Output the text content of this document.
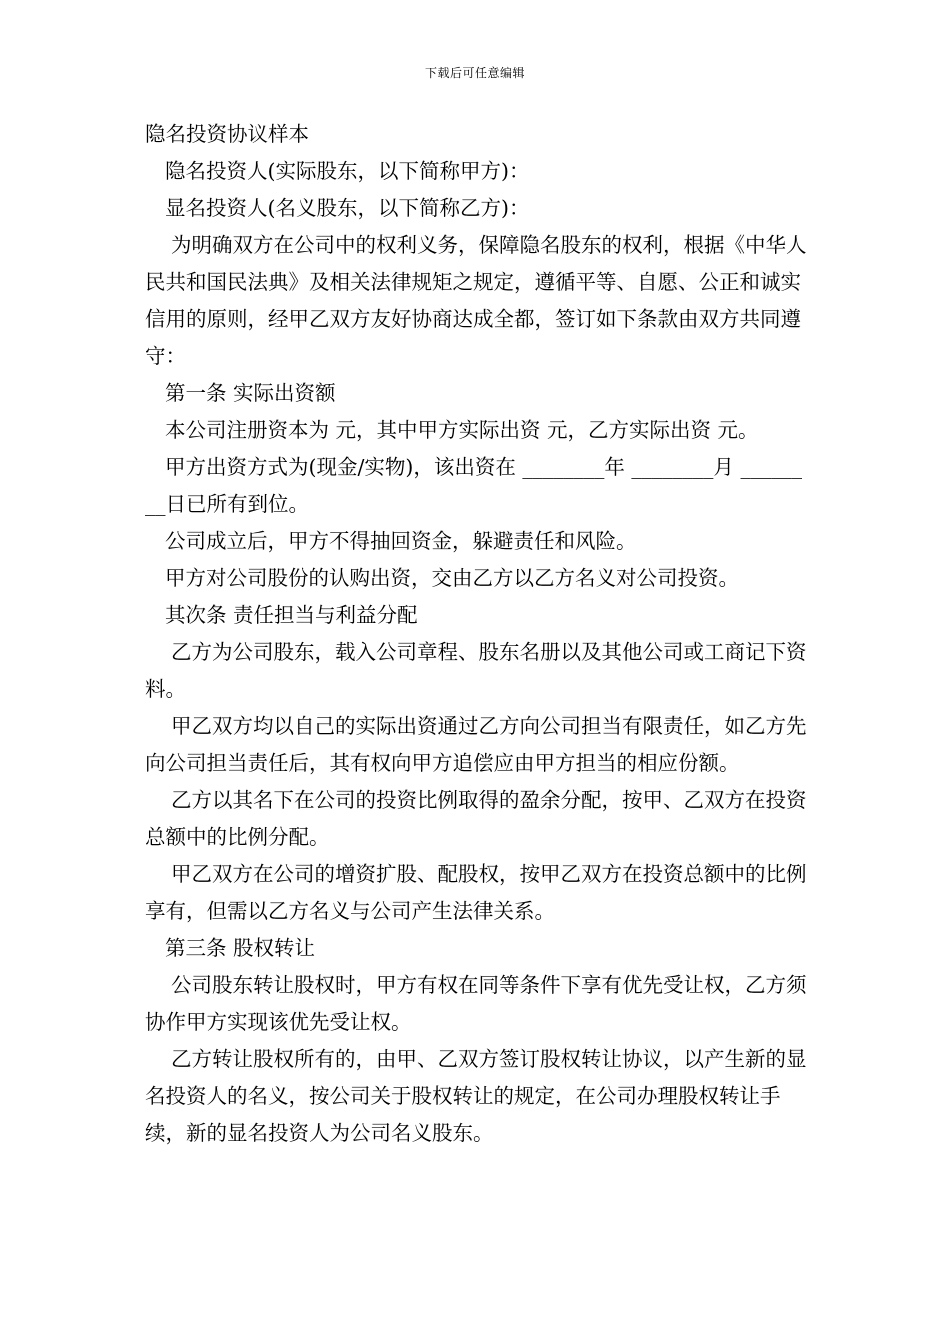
下载后可任意编辑

隐名投资协议样本

隐名投资人(实际股东，以下简称甲方)：

显名投资人(名义股东，以下简称乙方)：

为明确双方在公司中的权利义务，保障隐名股东的权利，根据《中华人民共和国民法典》及相关法律规矩之规定，遵循平等、自愿、公正和诚实信用的原则，经甲乙双方友好协商达成全都，签订如下条款由双方共同遵守：

第一条 实际出资额

本公司注册资本为 元，其中甲方实际出资 元，乙方实际出资 元。

甲方出资方式为(现金/实物)，该出资在 ________年 ________月 ________日已所有到位。

公司成立后，甲方不得抽回资金，躲避责任和风险。

甲方对公司股份的认购出资，交由乙方以乙方名义对公司投资。

其次条 责任担当与利益分配

乙方为公司股东，载入公司章程、股东名册以及其他公司或工商记下资料。

甲乙双方均以自己的实际出资通过乙方向公司担当有限责任，如乙方先向公司担当责任后，其有权向甲方追偿应由甲方担当的相应份额。

乙方以其名下在公司的投资比例取得的盈余分配，按甲、乙双方在投资总额中的比例分配。

甲乙双方在公司的增资扩股、配股权，按甲乙双方在投资总额中的比例享有，但需以乙方名义与公司产生法律关系。

第三条 股权转让

公司股东转让股权时，甲方有权在同等条件下享有优先受让权，乙方须协作甲方实现该优先受让权。

乙方转让股权所有的，由甲、乙双方签订股权转让协议，以产生新的显名投资人的名义，按公司关于股权转让的规定，在公司办理股权转让手续，新的显名投资人为公司名义股东。
